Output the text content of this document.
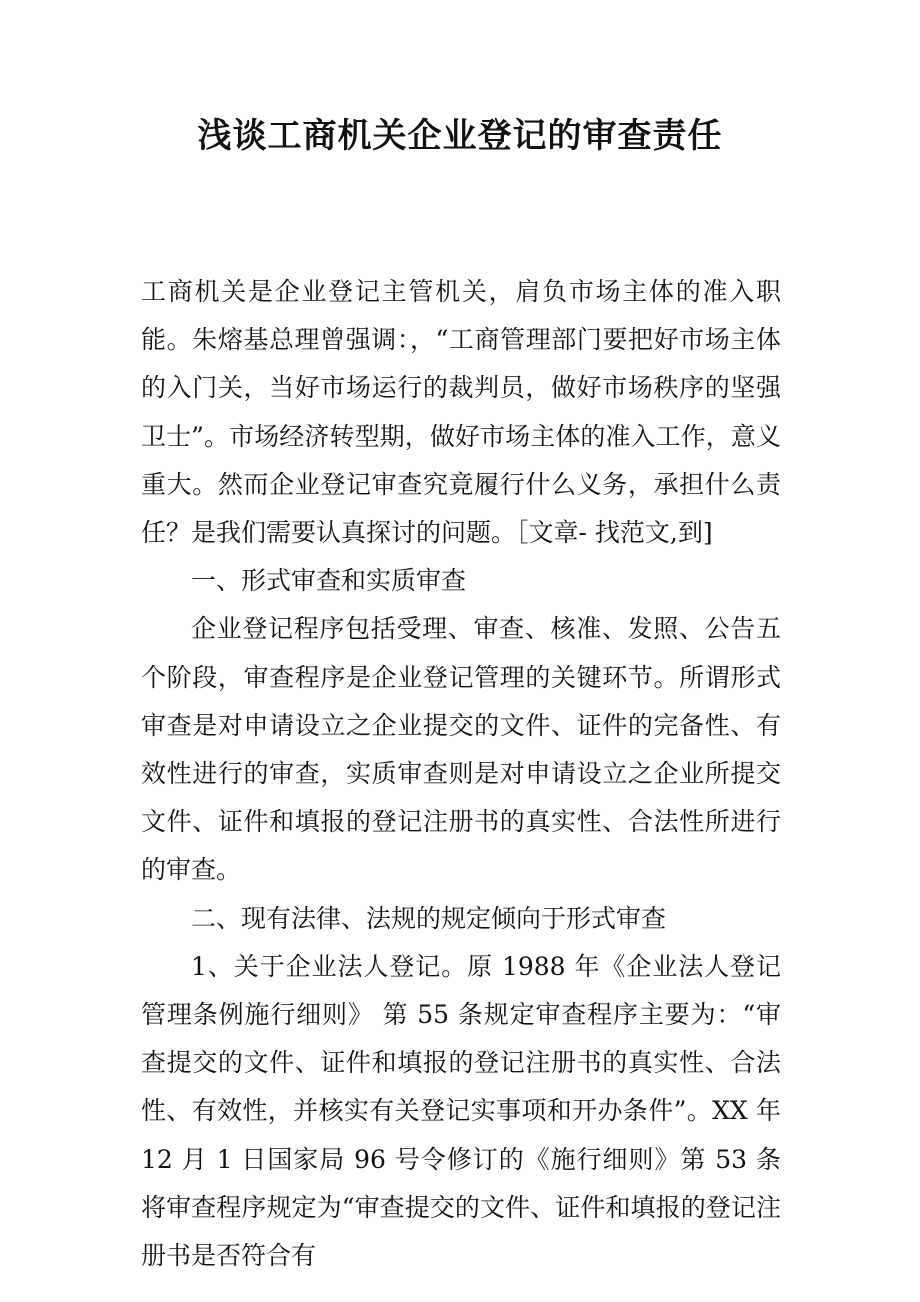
浅谈工商机关企业登记的审查责任

工商机关是企业登记主管机关，肩负市场主体的准入职能。朱熔基总理曾强调：，“工商管理部门要把好市场主体的入门关，当好市场运行的裁判员，做好市场秩序的坚强卫士”。市场经济转型期，做好市场主体的准入工作，意义重大。然而企业登记审查究竟履行什么义务，承担什么责任？是我们需要认真探讨的问题。［文章- 找范文,到]

一、形式审查和实质审查

企业登记程序包括受理、审查、核准、发照、公告五个阶段，审查程序是企业登记管理的关键环节。所谓形式审查是对申请设立之企业提交的文件、证件的完备性、有效性进行的审查，实质审查则是对申请设立之企业所提交文件、证件和填报的登记注册书的真实性、合法性所进行的审查。

二、现有法律、法规的规定倾向于形式审查

1、关于企业法人登记。原 1988 年《企业法人登记管理条例施行细则》 第 55 条规定审查程序主要为：“审查提交的文件、证件和填报的登记注册书的真实性、合法性、有效性，并核实有关登记实事项和开办条件”。XX 年 12 月 1 日国家局 96 号令修订的《施行细则》第 53 条将审查程序规定为“审查提交的文件、证件和填报的登记注册书是否符合有
